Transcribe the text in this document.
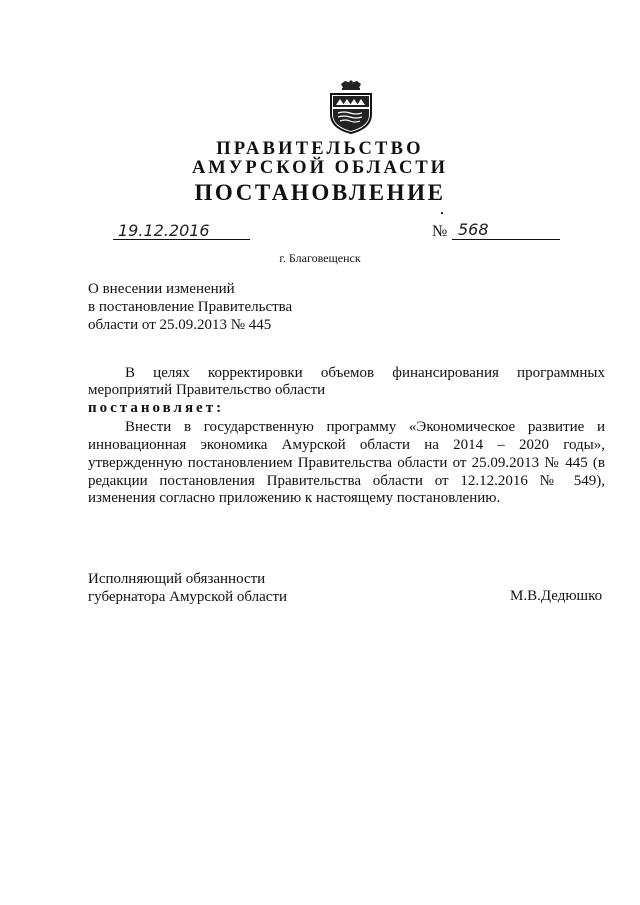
ПРАВИТЕЛЬСТВО
АМУРСКОЙ ОБЛАСТИ
ПОСТАНОВЛЕНИЕ
19.12.2016	№ 568
г. Благовещенск
О внесении изменений
в постановление Правительства
области от 25.09.2013 № 445
В целях корректировки объемов финансирования программных
мероприятий Правительство области
постановляет:
Внести в государственную программу «Экономическое развитие и
инновационная экономика Амурской области на 2014 – 2020 годы»,
утвержденную постановлением Правительства области от 25.09.2013 № 445 (в
редакции постановления Правительства области от 12.12.2016 № 549),
изменения согласно приложению к настоящему постановлению.
Исполняющий обязанности
губернатора Амурской области	М.В.Дедюшко
